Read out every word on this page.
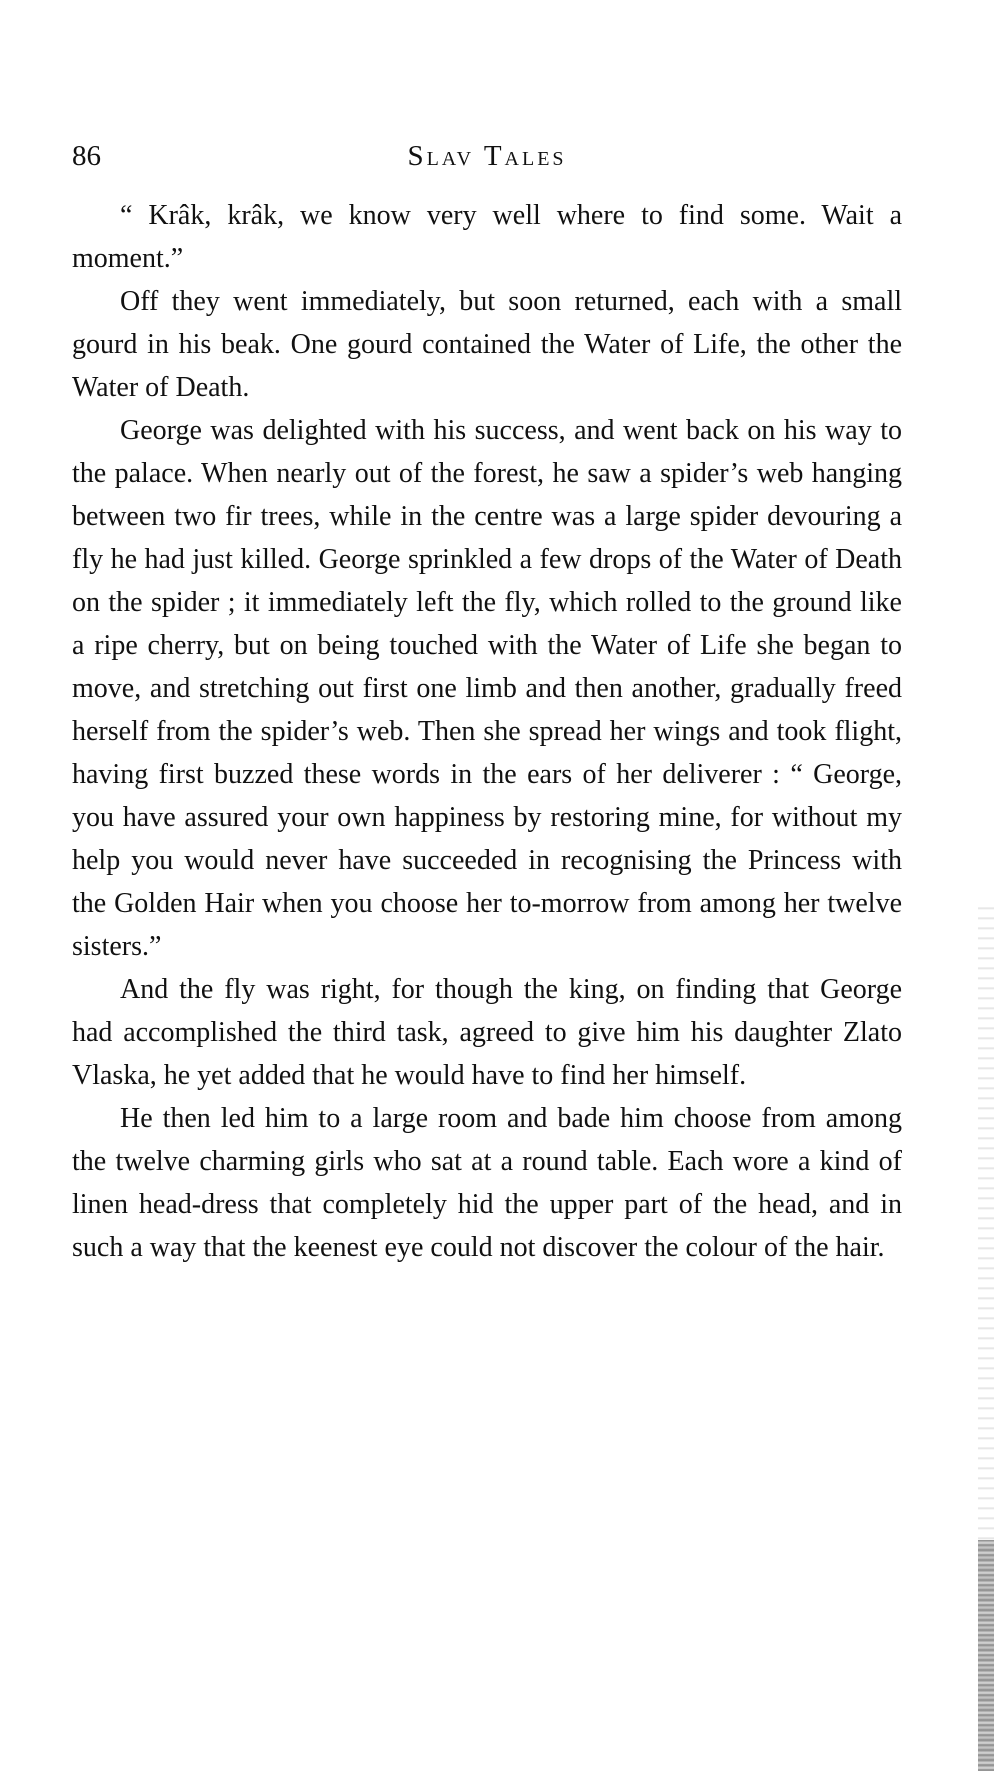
86	Slav Tales

“ Krâk, krâk, we know very well where to find some. Wait a moment.”

Off they went immediately, but soon returned, each with a small gourd in his beak. One gourd contained the Water of Life, the other the Water of Death.

George was delighted with his success, and went back on his way to the palace. When nearly out of the forest, he saw a spider’s web hanging between two fir trees, while in the centre was a large spider devouring a fly he had just killed. George sprinkled a few drops of the Water of Death on the spider ; it immediately left the fly, which rolled to the ground like a ripe cherry, but on being touched with the Water of Life she began to move, and stretching out first one limb and then another, gradually freed herself from the spider’s web. Then she spread her wings and took flight, having first buzzed these words in the ears of her deliverer : “ George, you have assured your own happiness by restoring mine, for without my help you would never have succeeded in recognising the Princess with the Golden Hair when you choose her to-morrow from among her twelve sisters.”

And the fly was right, for though the king, on finding that George had accomplished the third task, agreed to give him his daughter Zlato Vlaska, he yet added that he would have to find her himself.

He then led him to a large room and bade him choose from among the twelve charming girls who sat at a round table. Each wore a kind of linen head-dress that completely hid the upper part of the head, and in such a way that the keenest eye could not discover the colour of the hair.
